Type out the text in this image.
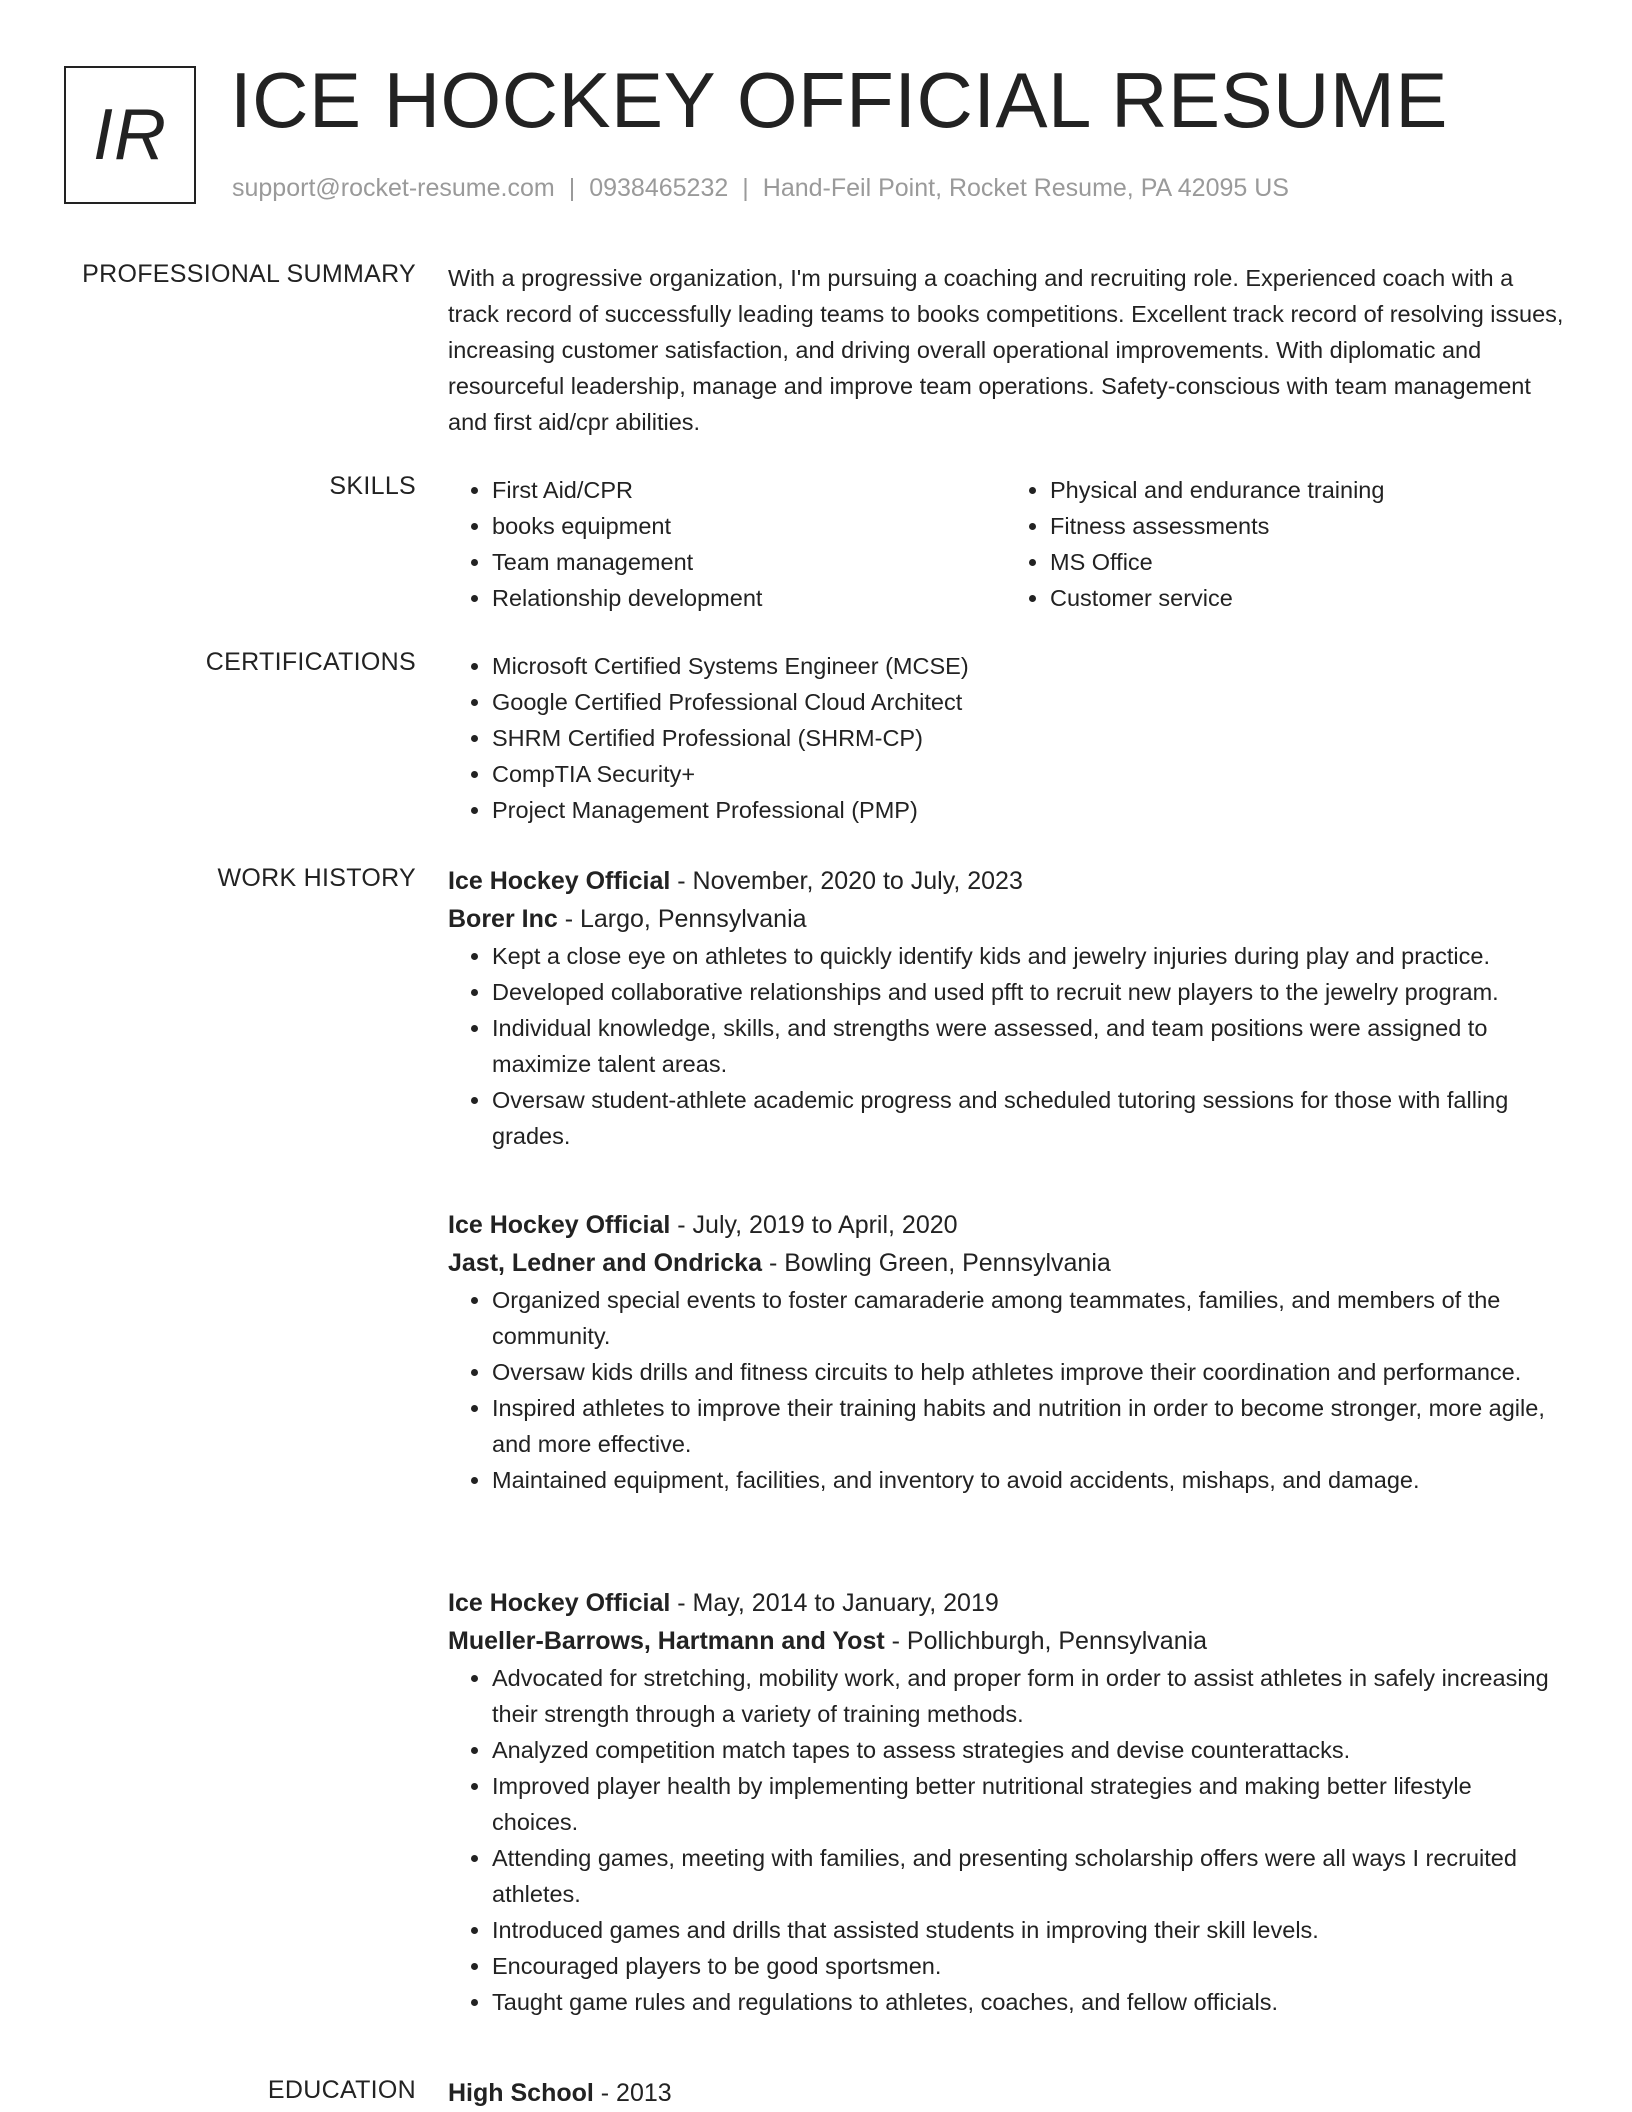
IR ICE HOCKEY OFFICIAL RESUME
support@rocket-resume.com | 0938465232 | Hand-Feil Point, Rocket Resume, PA 42095 US
PROFESSIONAL SUMMARY With a progressive organization, I'm pursuing a coaching and recruiting role. Experienced coach with a track record of successfully leading teams to books competitions. Excellent track record of resolving issues, increasing customer satisfaction, and driving overall operational improvements. With diplomatic and resourceful leadership, manage and improve team operations. Safety-conscious with team management and first aid/cpr abilities.

SKILLS	• First Aid/CPR
• books equipment
• Team management
• Relationship development
• Physical and endurance training
• Fitness assessments
• MS Office
• Customer service
CERTIFICATIONS	• Microsoft Certified Systems Engineer (MCSE)
• Google Certified Professional Cloud Architect
• SHRM Certified Professional (SHRM-CP)
• CompTIA Security+
• Project Management Professional (PMP)
WORK HISTORY Ice Hockey Official - November, 2020 to July, 2023
Borer Inc - Largo, Pennsylvania
• Kept a close eye on athletes to quickly identify kids and jewelry injuries during play and practice.
• Developed collaborative relationships and used pfft to recruit new players to the jewelry program.
• Individual knowledge, skills, and strengths were assessed, and team positions were assigned to maximize talent areas.
• Oversaw student-athlete academic progress and scheduled tutoring sessions for those with falling grades.
Ice Hockey Official - July, 2019 to April, 2020
Jast, Ledner and Ondricka - Bowling Green, Pennsylvania
• Organized special events to foster camaraderie among teammates, families, and members of the community.
• Oversaw kids drills and fitness circuits to help athletes improve their coordination and performance.
• Inspired athletes to improve their training habits and nutrition in order to become stronger, more agile, and more effective.
• Maintained equipment, facilities, and inventory to avoid accidents, mishaps, and damage.
Ice Hockey Official - May, 2014 to January, 2019
Mueller-Barrows, Hartmann and Yost - Pollichburgh, Pennsylvania
• Advocated for stretching, mobility work, and proper form in order to assist athletes in safely increasing their strength through a variety of training methods.
• Analyzed competition match tapes to assess strategies and devise counterattacks.
• Improved player health by implementing better nutritional strategies and making better lifestyle choices.
• Attending games, meeting with families, and presenting scholarship offers were all ways I recruited athletes.
• Introduced games and drills that assisted students in improving their skill levels.
• Encouraged players to be good sportsmen.
• Taught game rules and regulations to athletes, coaches, and fellow officials.
EDUCATION High School - 2013
